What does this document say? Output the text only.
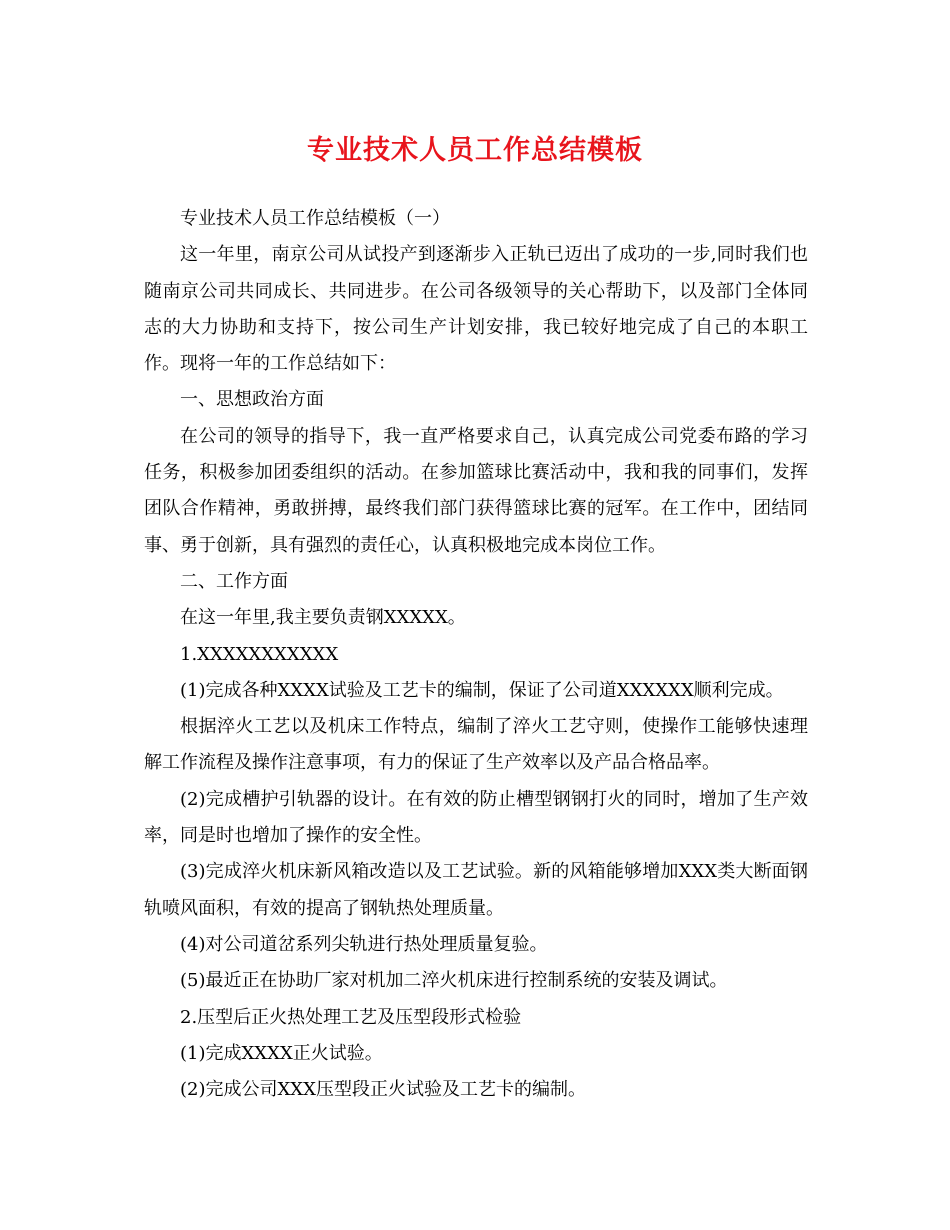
专业技术人员工作总结模板

专业技术人员工作总结模板（一）

这一年里，南京公司从试投产到逐渐步入正轨已迈出了成功的一步,同时我们也随南京公司共同成长、共同进步。在公司各级领导的关心帮助下，以及部门全体同志的大力协助和支持下，按公司生产计划安排，我已较好地完成了自己的本职工作。现将一年的工作总结如下：

一、思想政治方面

在公司的领导的指导下，我一直严格要求自己，认真完成公司党委布路的学习任务，积极参加团委组织的活动。在参加篮球比赛活动中，我和我的同事们，发挥团队合作精神，勇敢拼搏，最终我们部门获得篮球比赛的冠军。在工作中，团结同事、勇于创新，具有强烈的责任心，认真积极地完成本岗位工作。

二、工作方面

在这一年里,我主要负责钢XXXXX。

1.XXXXXXXXXXX

(1)完成各种XXXX试验及工艺卡的编制，保证了公司道XXXXXX顺利完成。

根据淬火工艺以及机床工作特点，编制了淬火工艺守则，使操作工能够快速理解工作流程及操作注意事项，有力的保证了生产效率以及产品合格品率。

(2)完成槽护引轨器的设计。在有效的防止槽型钢钢打火的同时，增加了生产效率，同是时也增加了操作的安全性。

(3)完成淬火机床新风箱改造以及工艺试验。新的风箱能够增加XXX类大断面钢轨喷风面积，有效的提高了钢轨热处理质量。

(4)对公司道岔系列尖轨进行热处理质量复验。

(5)最近正在协助厂家对机加二淬火机床进行控制系统的安装及调试。

2.压型后正火热处理工艺及压型段形式检验

(1)完成XXXX正火试验。

(2)完成公司XXX压型段正火试验及工艺卡的编制。
